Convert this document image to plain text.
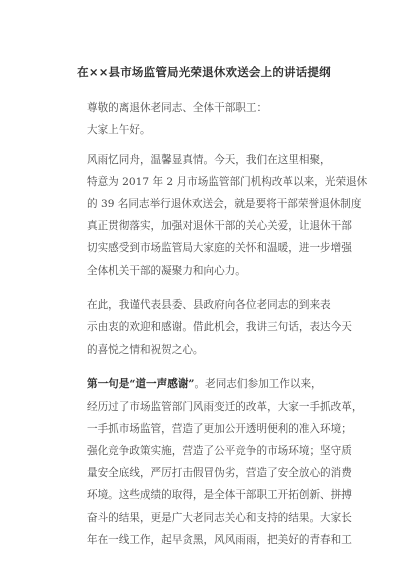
在××县市场监管局光荣退休欢送会上的讲话提纲
尊敬的离退休老同志、全体干部职工：
大家上午好。
风雨忆同舟，温馨显真情。今天，我们在这里相聚，
特意为 2017 年 2 月市场监管部门机构改革以来，光荣退休
的 39 名同志举行退休欢送会，就是要将干部荣誉退休制度
真正贯彻落实，加强对退休干部的关心关爱，让退休干部
切实感受到市场监管局大家庭的关怀和温暖，进一步增强
全体机关干部的凝聚力和向心力。
在此，我谨代表县委、县政府向各位老同志的到来表
示由衷的欢迎和感谢。借此机会，我讲三句话，表达今天
的喜悦之情和祝贺之心。
第一句是“道一声感谢”。老同志们参加工作以来，
经历过了市场监管部门风雨变迁的改革，大家一手抓改革，
一手抓市场监管，营造了更加公开透明便利的准入环境；
强化竞争政策实施，营造了公平竞争的市场环境；坚守质
量安全底线，严厉打击假冒伪劣，营造了安全放心的消费
环境。这些成绩的取得，是全体干部职工开拓创新、拼搏
奋斗的结果，更是广大老同志关心和支持的结果。大家长
年在一线工作，起早贪黑，风风雨雨，把美好的青春和工
